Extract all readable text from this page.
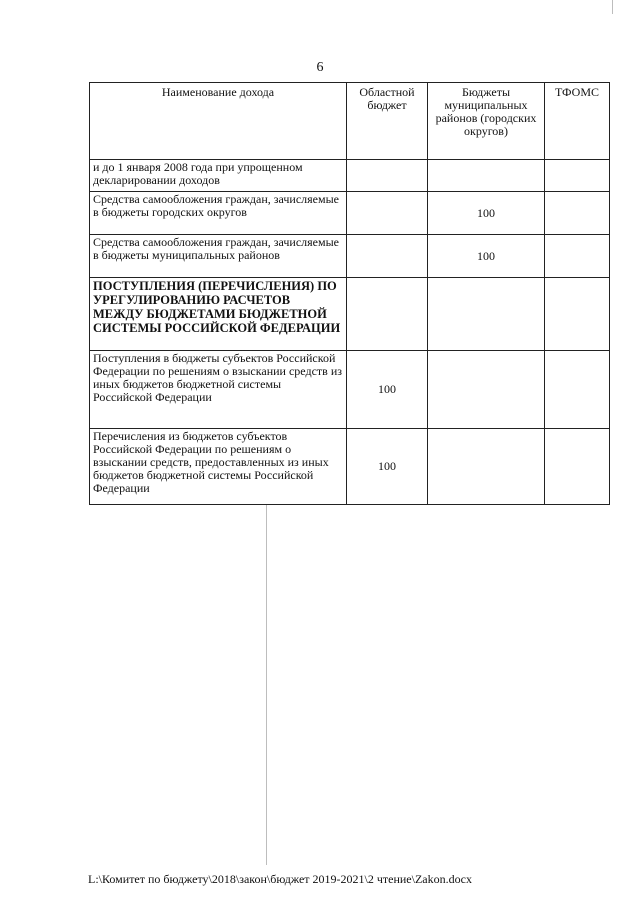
6
Наименование дохода	Областной бюджет	Бюджеты муниципальных районов (городских округов)	ТФОМС
и до 1 января 2008 года при упрощенном декларировании доходов			
Средства самообложения граждан, зачисляемые в бюджеты городских округов		100	
Средства самообложения граждан, зачисляемые в бюджеты муниципальных районов		100	
ПОСТУПЛЕНИЯ (ПЕРЕЧИСЛЕНИЯ) ПО УРЕГУЛИРОВАНИЮ РАСЧЕТОВ МЕЖДУ БЮДЖЕТАМИ БЮДЖЕТНОЙ СИСТЕМЫ РОССИЙСКОЙ ФЕДЕРАЦИИ			
Поступления в бюджеты субъектов Российской Федерации по решениям о взыскании средств из иных бюджетов бюджетной системы Российской Федерации	100		
Перечисления из бюджетов субъектов Российской Федерации по решениям о взыскании средств, предоставленных из иных бюджетов бюджетной системы Российской Федерации	100		
L:\Комитет по бюджету\2018\закон\бюджет 2019-2021\2 чтение\Zakon.docx
